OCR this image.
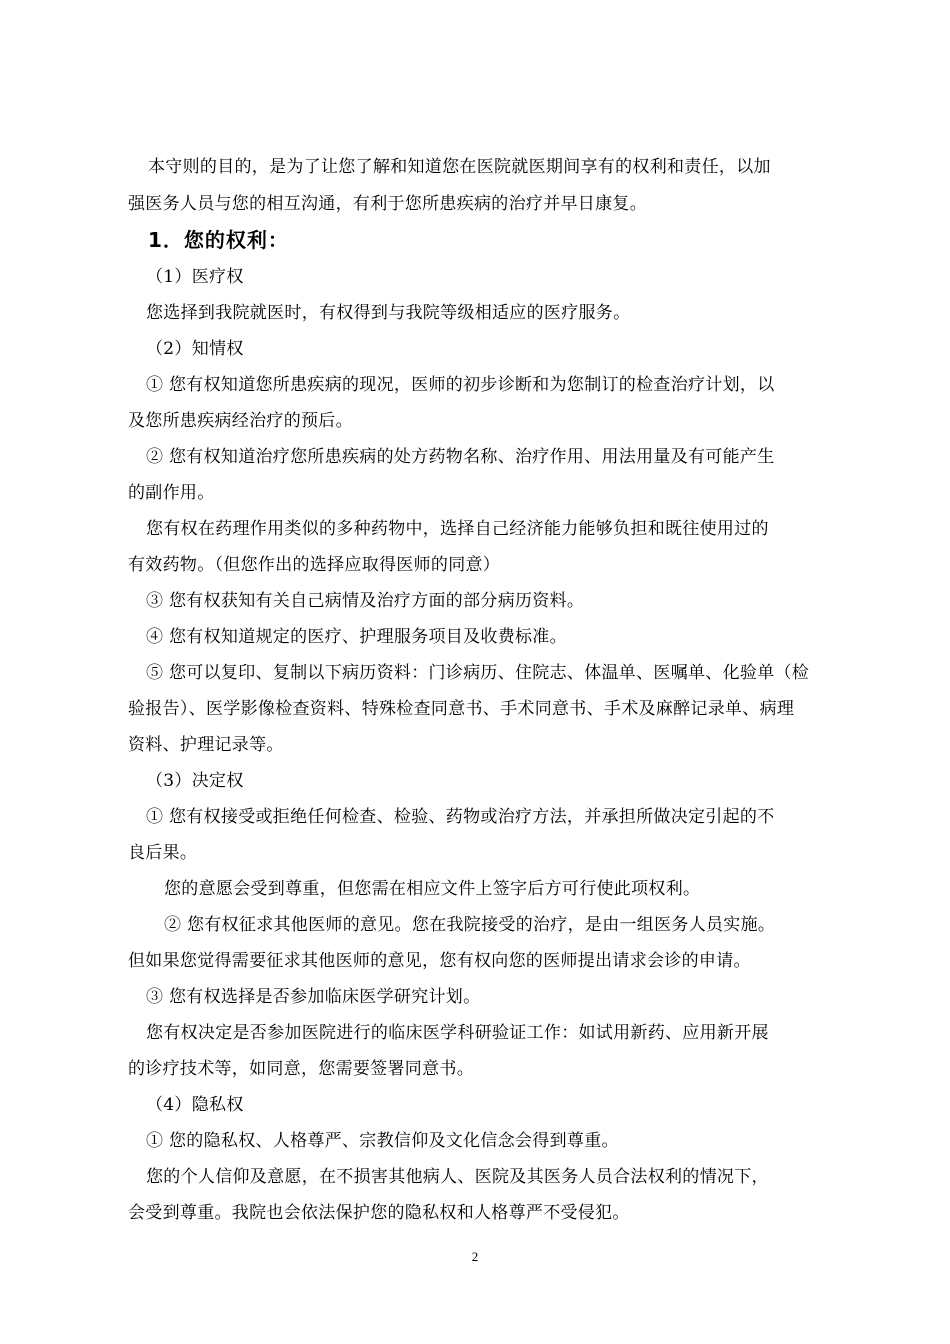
本守则的目的，是为了让您了解和知道您在医院就医期间享有的权利和责任，以加
强医务人员与您的相互沟通，有利于您所患疾病的治疗并早日康复。
1．您的权利：
（1）医疗权
您选择到我院就医时，有权得到与我院等级相适应的医疗服务。
（2）知情权
① 您有权知道您所患疾病的现况，医师的初步诊断和为您制订的检查治疗计划，以
及您所患疾病经治疗的预后。
② 您有权知道治疗您所患疾病的处方药物名称、治疗作用、用法用量及有可能产生
的副作用。
您有权在药理作用类似的多种药物中，选择自己经济能力能够负担和既往使用过的
有效药物。（但您作出的选择应取得医师的同意）
③ 您有权获知有关自己病情及治疗方面的部分病历资料。
④ 您有权知道规定的医疗、护理服务项目及收费标准。
⑤ 您可以复印、复制以下病历资料：门诊病历、住院志、体温单、医嘱单、化验单（检
验报告）、医学影像检查资料、特殊检查同意书、手术同意书、手术及麻醉记录单、病理
资料、护理记录等。
（3）决定权
① 您有权接受或拒绝任何检查、检验、药物或治疗方法，并承担所做决定引起的不
良后果。
您的意愿会受到尊重，但您需在相应文件上签字后方可行使此项权利。
② 您有权征求其他医师的意见。您在我院接受的治疗，是由一组医务人员实施。
但如果您觉得需要征求其他医师的意见，您有权向您的医师提出请求会诊的申请。
③ 您有权选择是否参加临床医学研究计划。
您有权决定是否参加医院进行的临床医学科研验证工作：如试用新药、应用新开展
的诊疗技术等，如同意，您需要签署同意书。
（4）隐私权
① 您的隐私权、人格尊严、宗教信仰及文化信念会得到尊重。
您的个人信仰及意愿，在不损害其他病人、医院及其医务人员合法权利的情况下，
会受到尊重。我院也会依法保护您的隐私权和人格尊严不受侵犯。
2
